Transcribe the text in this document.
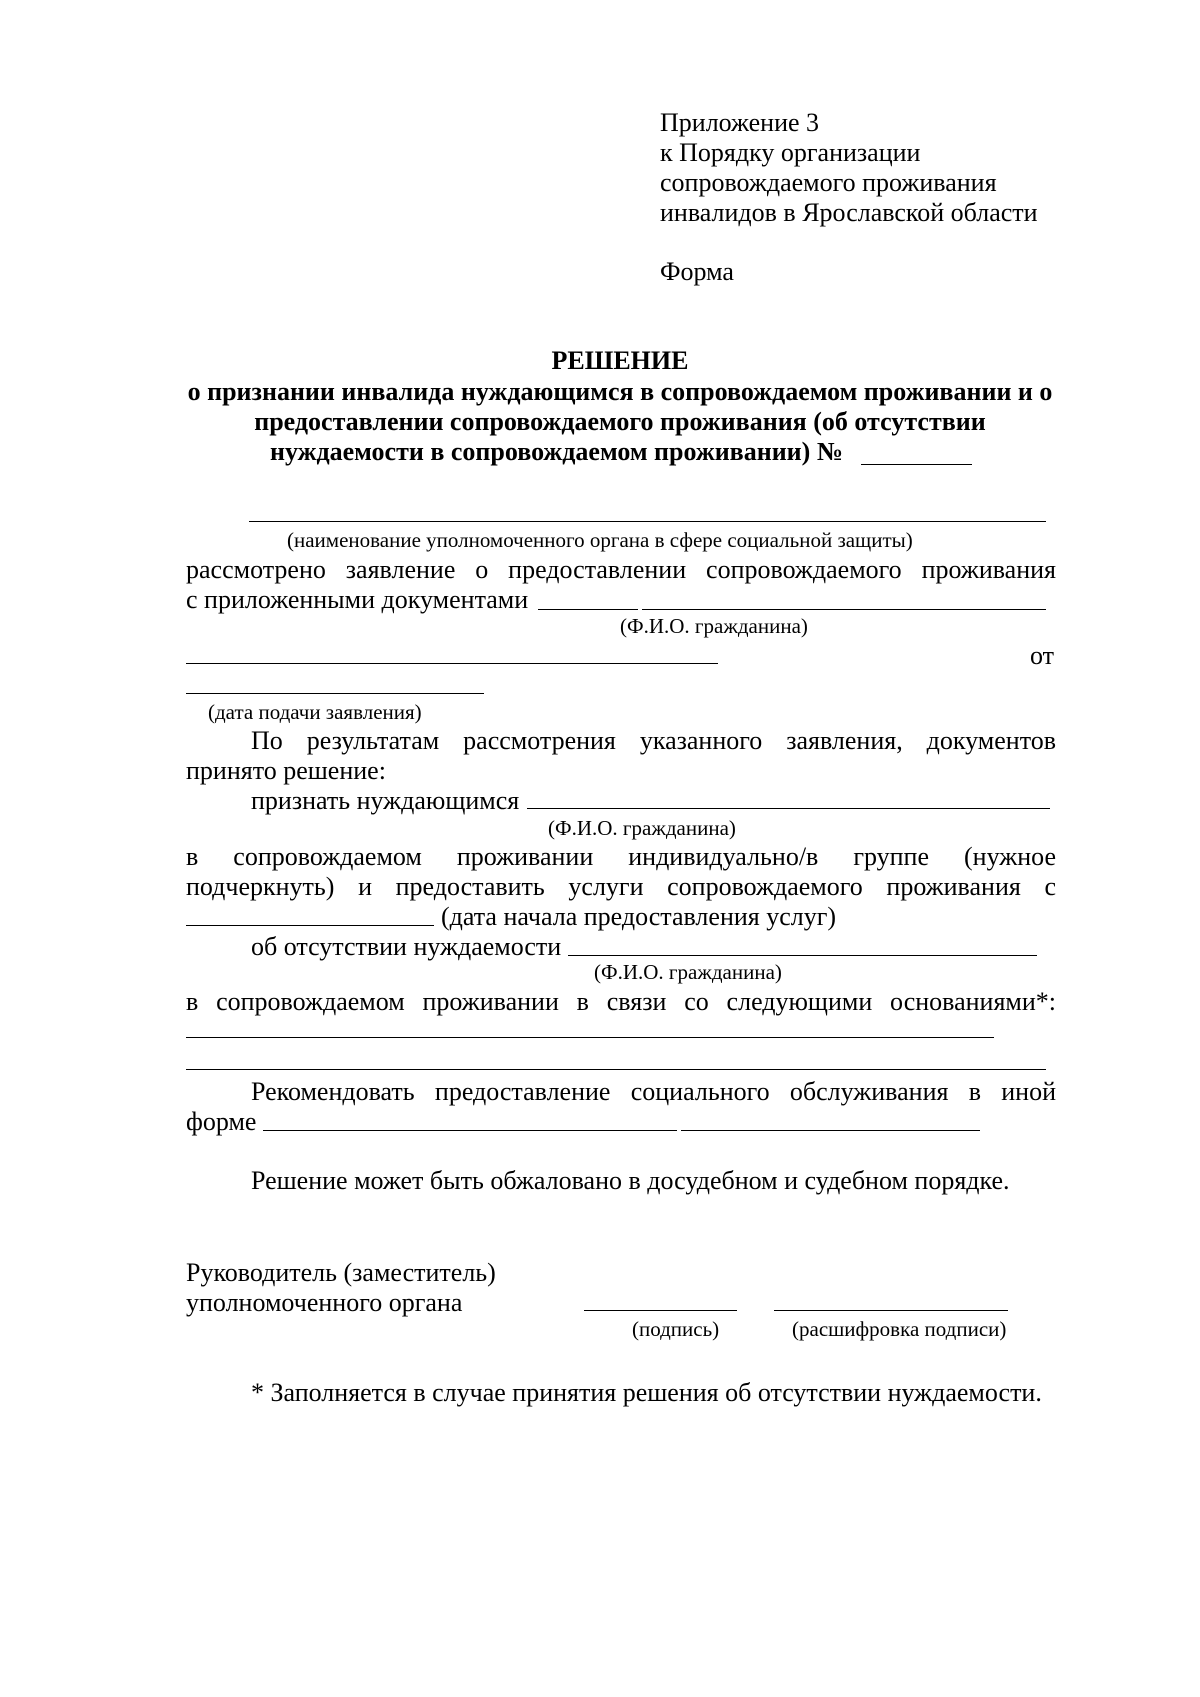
Приложение 3
к Порядку организации
сопровождаемого проживания
инвалидов в Ярославской области
Форма
РЕШЕНИЕ
о признании инвалида нуждающимся в сопровождаемом проживании и о
предоставлении сопровождаемого проживания (об отсутствии
нуждаемости в сопровождаемом проживании) №
(наименование уполномоченного органа в сфере социальной защиты)
рассмотрено заявление о предоставлении сопровождаемого проживания
с приложенными документами
(Ф.И.О. гражданина)
от
(дата подачи заявления)
По результатам рассмотрения указанного заявления, документов
принято решение:
признать нуждающимся
(Ф.И.О. гражданина)
в сопровождаемом проживании индивидуально/в группе (нужное
подчеркнуть) и предоставить услуги сопровождаемого проживания с
(дата начала предоставления услуг)
об отсутствии нуждаемости
(Ф.И.О. гражданина)
в сопровождаемом проживании в связи со следующими основаниями*:
Рекомендовать предоставление социального обслуживания в иной
форме
Решение может быть обжаловано в досудебном и судебном порядке.
Руководитель (заместитель)
уполномоченного органа
(подпись)	(расшифровка подписи)
* Заполняется в случае принятия решения об отсутствии нуждаемости.
